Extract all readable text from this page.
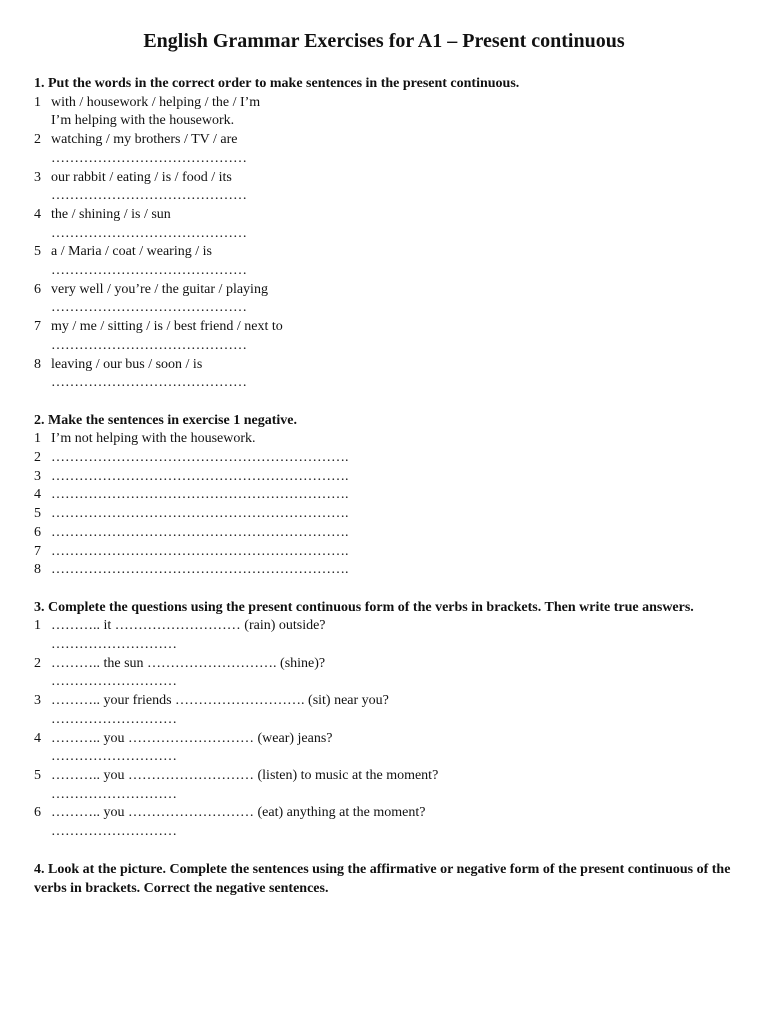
English Grammar Exercises for A1 – Present continuous

1. Put the words in the correct order to make sentences in the present continuous.

1 with / housework / helping / the / I’m
I’m helping with the housework.
2 watching / my brothers / TV / are
……………………………………
3 our rabbit / eating / is / food / its
……………………………………
4 the / shining / is / sun
……………………………………
5 a / Maria / coat / wearing / is
……………………………………
6 very well / you’re / the guitar / playing
……………………………………
7 my / me / sitting / is / best friend / next to
……………………………………
8 leaving / our bus / soon / is
……………………………………

2. Make the sentences in exercise 1 negative.

1 I’m not helping with the housework.
2 ……………………………………………………….
3 ……………………………………………………….
4 ……………………………………………………….
5 ……………………………………………………….
6 ……………………………………………………….
7 ……………………………………………………….
8 ……………………………………………………….

3. Complete the questions using the present continuous form of the verbs in brackets. Then write true answers.

1 ……….. it ……………………… (rain) outside?
………………………
2 ……….. the sun ………………………. (shine)?
………………………
3 ……….. your friends ………………………. (sit) near you?
………………………
4 ……….. you ……………………… (wear) jeans?
………………………
5 ……….. you ……………………… (listen) to music at the moment?
………………………
6 ……….. you ……………………… (eat) anything at the moment?
………………………

4. Look at the picture. Complete the sentences using the affirmative or negative form of the present continuous of the verbs in brackets. Correct the negative sentences.
